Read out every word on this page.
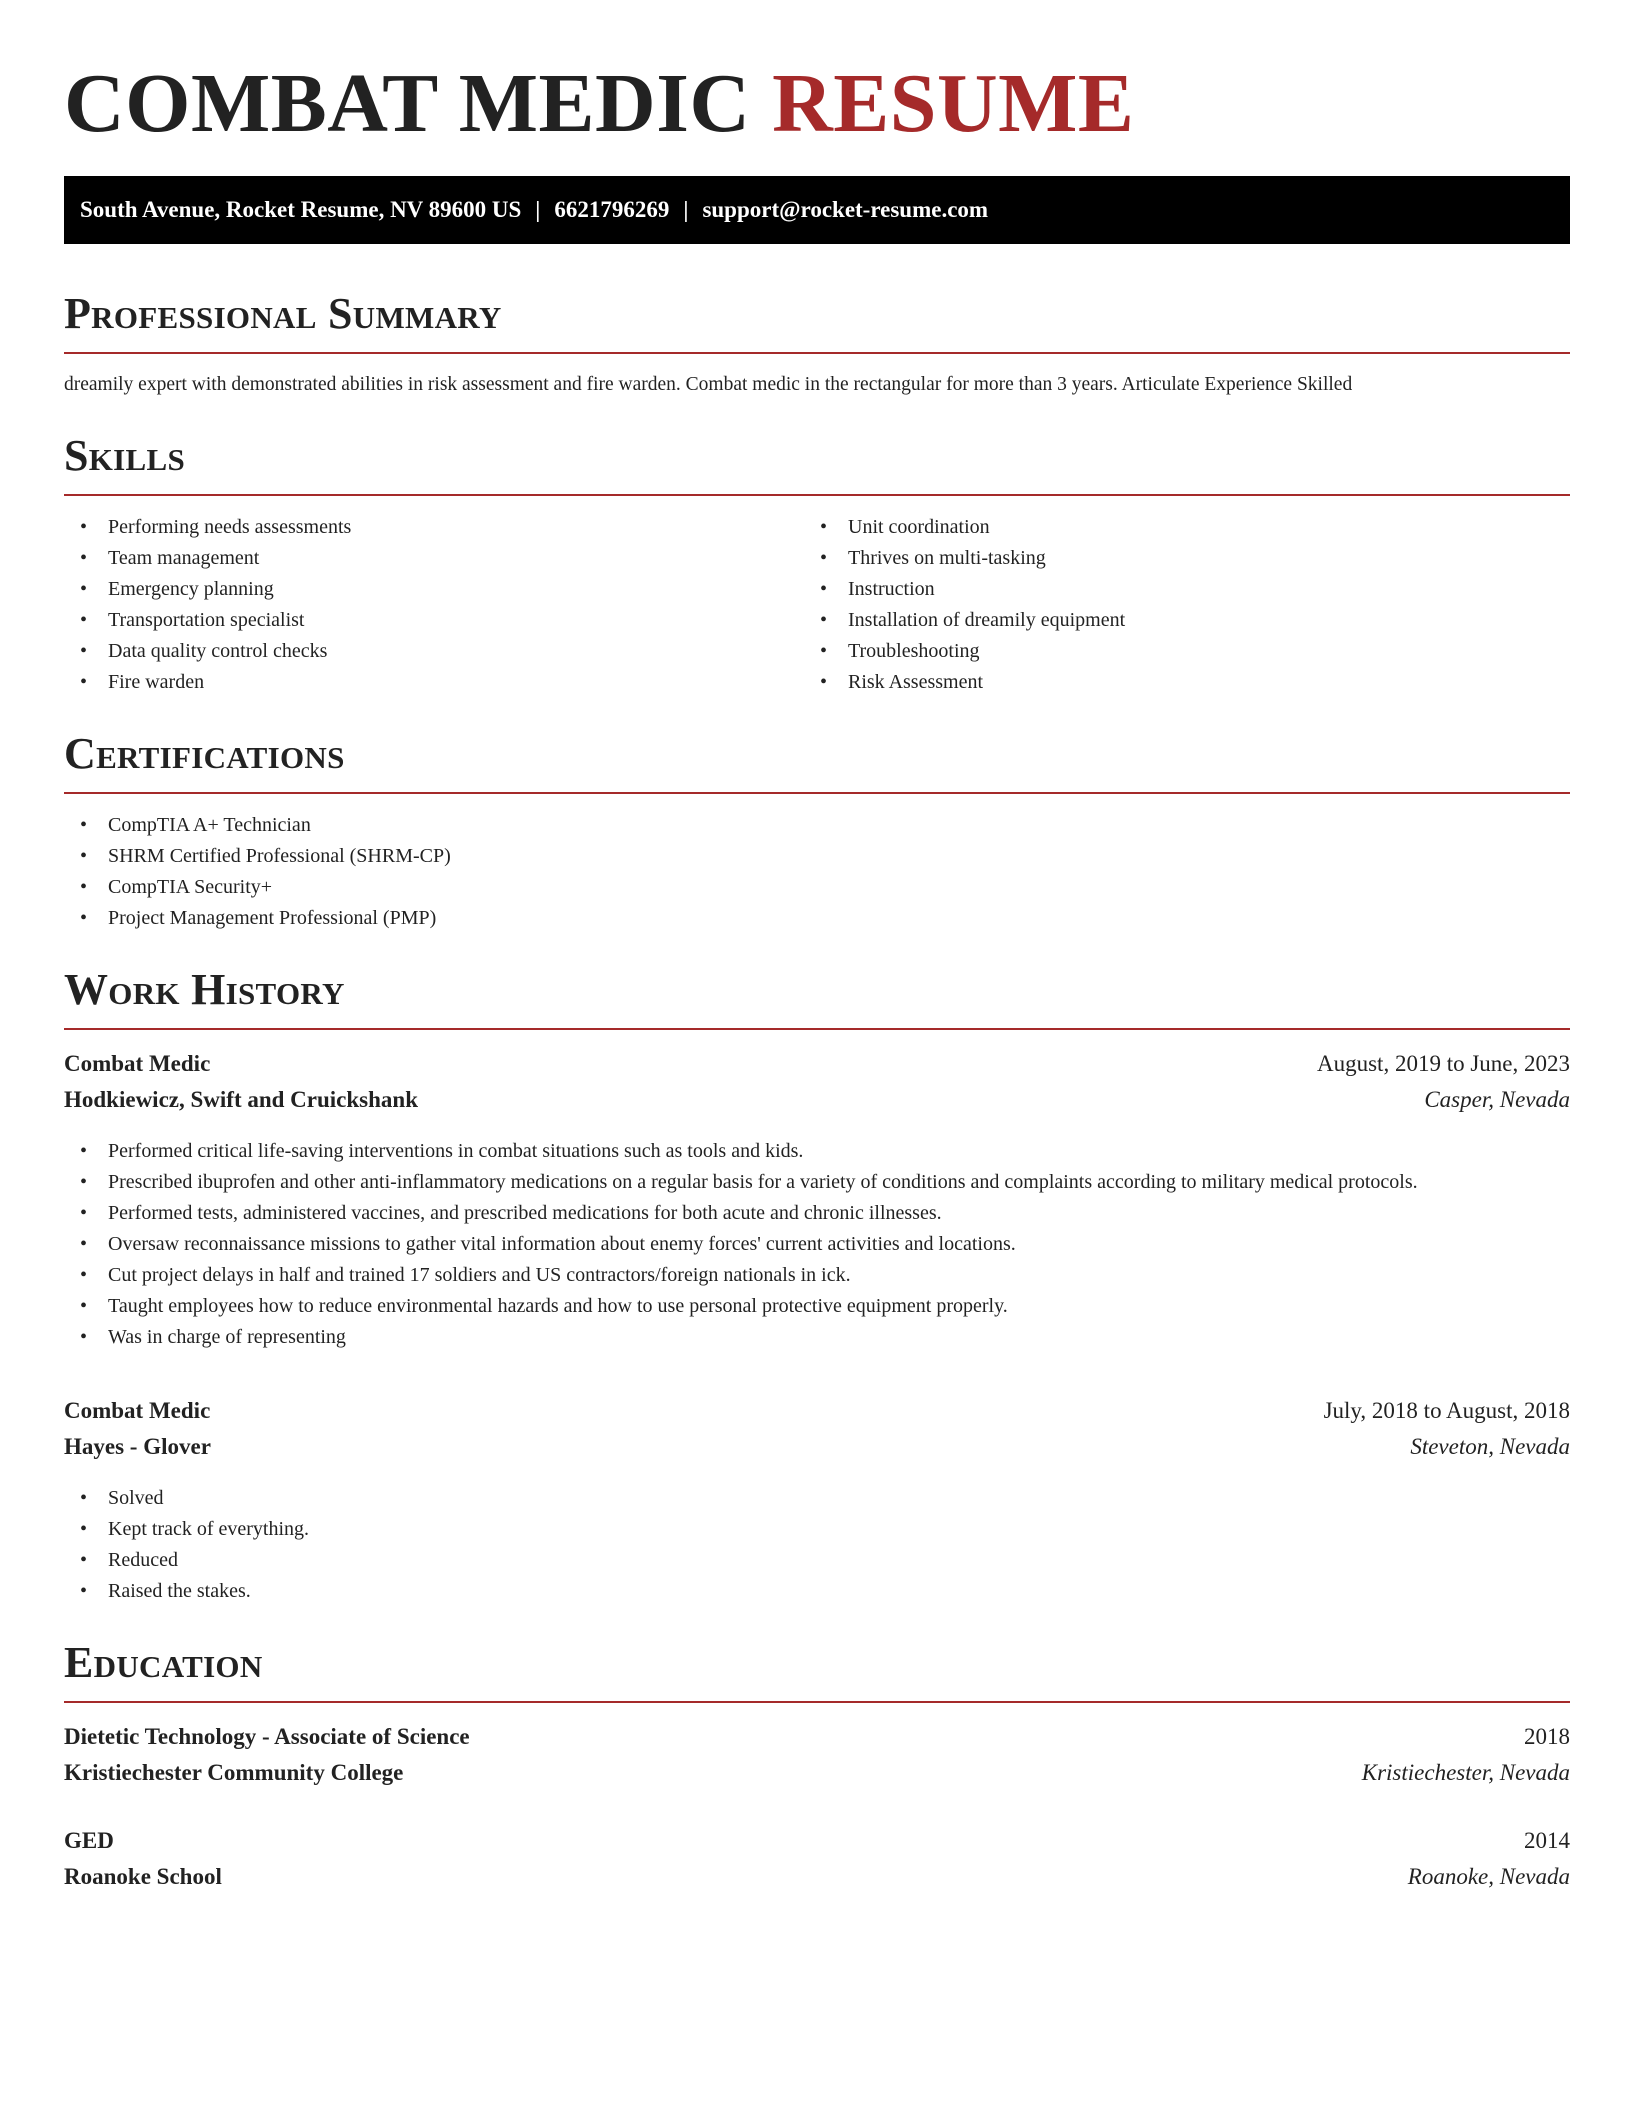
COMBAT MEDIC RESUME
South Avenue, Rocket Resume, NV 89600 US | 6621796269 | support@rocket-resume.com
Professional Summary
dreamily expert with demonstrated abilities in risk assessment and fire warden. Combat medic in the rectangular for more than 3 years. Articulate Experience Skilled
Skills
• Performing needs assessments
• Team management
• Emergency planning
• Transportation specialist
• Data quality control checks
• Fire warden
• Unit coordination
• Thrives on multi-tasking
• Instruction
• Installation of dreamily equipment
• Troubleshooting
• Risk Assessment
Certifications
• CompTIA A+ Technician
• SHRM Certified Professional (SHRM-CP)
• CompTIA Security+
• Project Management Professional (PMP)
Work History
Combat Medic	August, 2019 to June, 2023
Hodkiewicz, Swift and Cruickshank	Casper, Nevada
• Performed critical life-saving interventions in combat situations such as tools and kids.
• Prescribed ibuprofen and other anti-inflammatory medications on a regular basis for a variety of conditions and complaints according to military medical protocols.
• Performed tests, administered vaccines, and prescribed medications for both acute and chronic illnesses.
• Oversaw reconnaissance missions to gather vital information about enemy forces' current activities and locations.
• Cut project delays in half and trained 17 soldiers and US contractors/foreign nationals in ick.
• Taught employees how to reduce environmental hazards and how to use personal protective equipment properly.
• Was in charge of representing
Combat Medic	July, 2018 to August, 2018
Hayes - Glover	Steveton, Nevada
• Solved
• Kept track of everything.
• Reduced
• Raised the stakes.
Education
Dietetic Technology - Associate of Science	2018
Kristiechester Community College	Kristiechester, Nevada
GED	2014
Roanoke School	Roanoke, Nevada
